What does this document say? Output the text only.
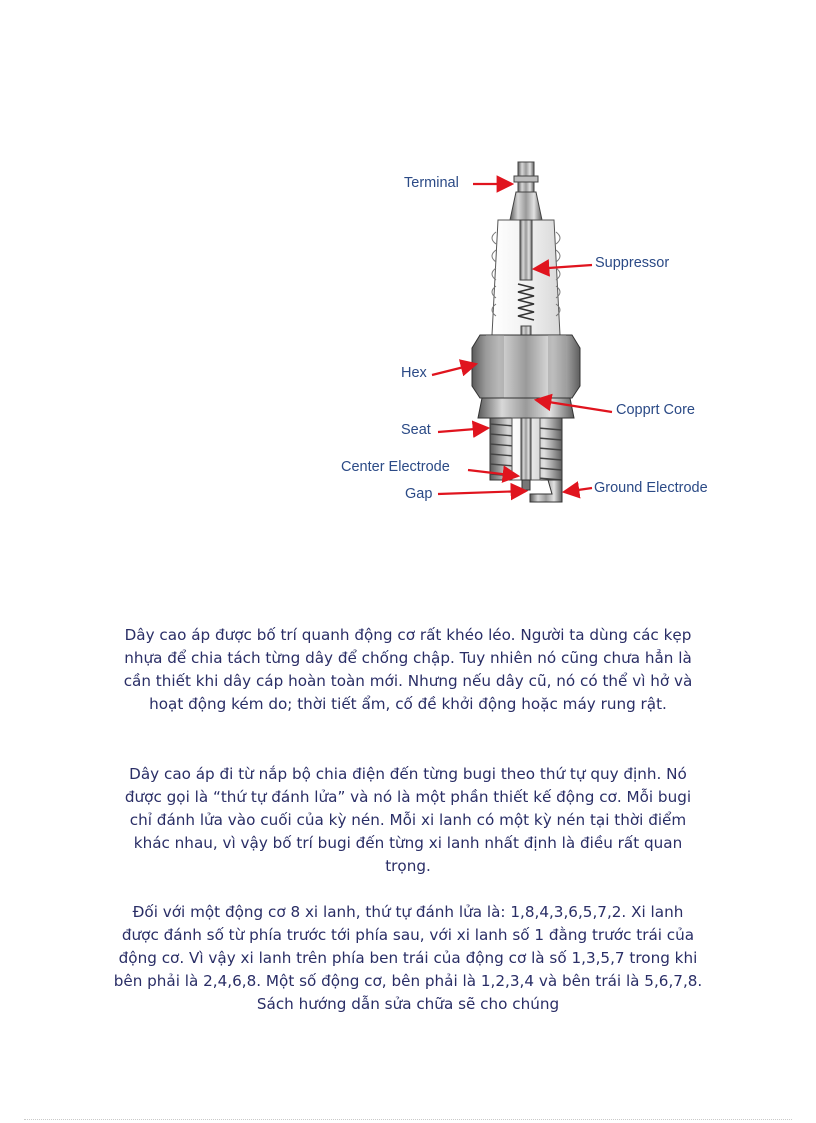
Terminal
Suppressor
Hex
Copprt Core
Seat
Center Electrode
Gap	Ground Electrode

Dây cao áp được bố trí quanh động cơ rất khéo léo. Người ta dùng các kẹp nhựa để chia tách từng dây để chống chập. Tuy nhiên nó cũng chưa hẳn là cần thiết khi dây cáp hoàn toàn mới. Nhưng nếu dây cũ, nó có thể vì hở và hoạt động kém do; thời tiết ẩm, cố đề khởi động hoặc máy rung rật.

Dây cao áp đi từ nắp bộ chia điện đến từng bugi theo thứ tự quy định. Nó được gọi là “thứ tự đánh lửa” và nó là một phần thiết kế động cơ. Mỗi bugi chỉ đánh lửa vào cuối của kỳ nén. Mỗi xi lanh có một kỳ nén tại thời điểm khác nhau, vì vậy bố trí bugi đến từng xi lanh nhất định là điều rất quan trọng.

Đối với một động cơ 8 xi lanh, thứ tự đánh lửa là: 1,8,4,3,6,5,7,2. Xi lanh được đánh số từ phía trước tới phía sau, với xi lanh số 1 đằng trước trái của động cơ. Vì vậy xi lanh trên phía ben trái của động cơ là số 1,3,5,7 trong khi bên phải là 2,4,6,8. Một số động cơ, bên phải là 1,2,3,4 và bên trái là 5,6,7,8. Sách hướng dẫn sửa chữa sẽ cho chúng
